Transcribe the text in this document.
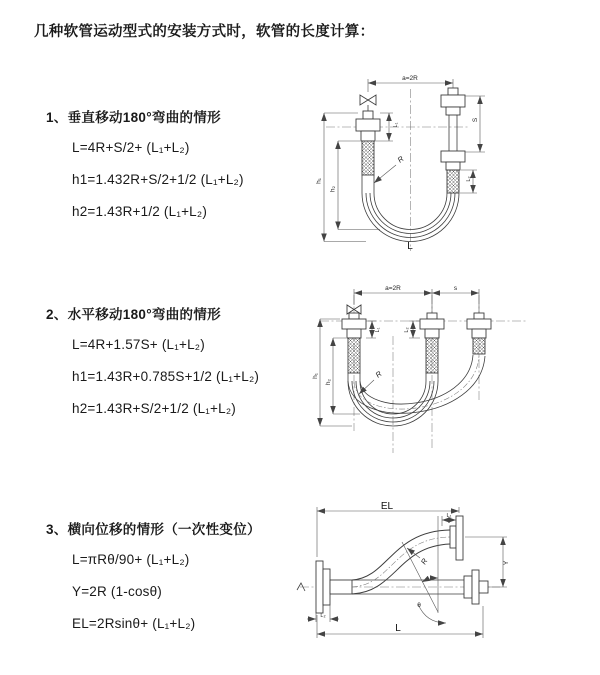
几种软管运动型式的安装方式时，软管的长度计算：
1、垂直移动180°弯曲的情形

L=4R+S/2+ (L₁+L₂)

h1=1.432R+S/2+1/2 (L₁+L₂)

h2=1.43R+1/2 (L₁+L₂)

a=2R
h₁
h₂
S
L₂
L₁
R
L
2、水平移动180°弯曲的情形

L=4R+1.57S+ (L₁+L₂)

h1=1.43R+0.785S+1/2 (L₁+L₂)

h2=1.43R+S/2+1/2 (L₁+L₂)

a=2R	s
h₁
h₂
L₁	L₂
R
3、横向位移的情形（一次性变位）

L=πRθ/90+ (L₁+L₂)

Y=2R (1-cosθ)

EL=2Rsinθ+ (L₁+L₂)

EL
L₁
Y
R
θ
L
L₂
